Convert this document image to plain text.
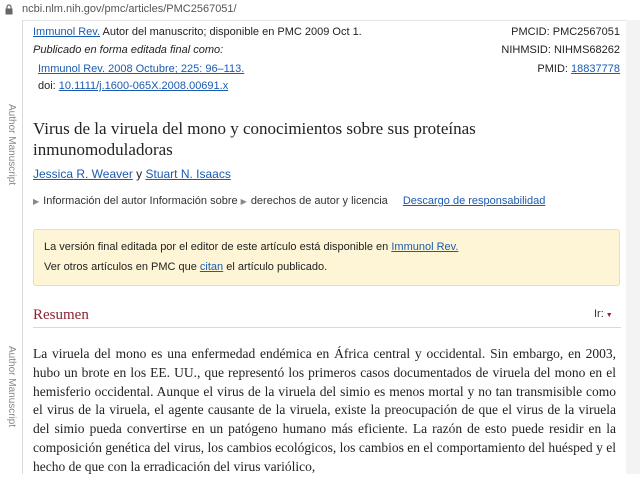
ncbi.nlm.nih.gov/pmc/articles/PMC2567051/
Author Manuscript
Author Manuscript
Immunol Rev. Autor del manuscrito; disponible en PMC 2009 Oct 1.
Publicado en forma editada final como:
Immunol Rev. 2008 Octubre; 225: 96–113.
doi: 10.1111/j.1600-065X.2008.00691.x
PMCID: PMC2567051
NIHMSID: NIHMS68262
PMID: 18837778
Virus de la viruela del mono y conocimientos sobre sus proteínas inmunomoduladoras
Jessica R. Weaver y Stuart N. Isaacs
▶ Información del autor Información sobre ▶ derechos de autor y licencia Descargo de responsabilidad
La versión final editada por el editor de este artículo está disponible en Immunol Rev.
Ver otros artículos en PMC que citan el artículo publicado.
Resumen	Ir: ▼
La viruela del mono es una enfermedad endémica en África central y occidental. Sin embargo, en 2003, hubo un brote en los EE. UU., que representó los primeros casos documentados de viruela del mono en el hemisferio occidental. Aunque el virus de la viruela del simio es menos mortal y no tan transmisible como el virus de la viruela, el agente causante de la viruela, existe la preocupación de que el virus de la viruela del simio pueda convertirse en un patógeno humano más eficiente. La razón de esto puede residir en la composición genética del virus, los cambios ecológicos, los cambios en el comportamiento del huésped y el hecho de que con la erradicación del virus variólico,
